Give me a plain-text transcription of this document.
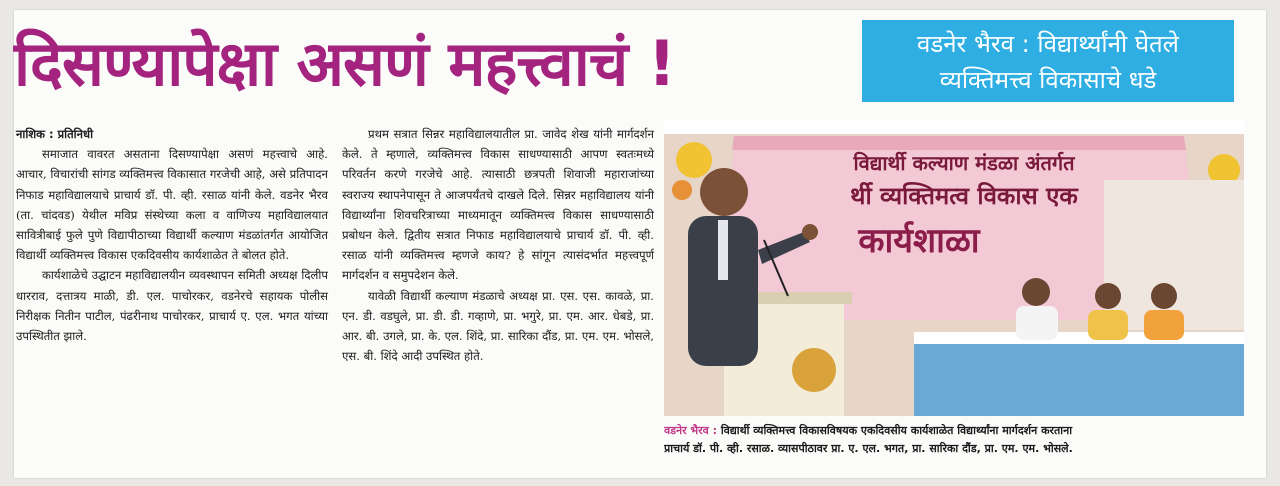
दिसण्यापेक्षा असणं महत्त्वाचं !	वडनेर भैरव : विद्यार्थ्यांनी घेतले
व्यक्तिमत्त्व विकासाचे धडे
नाशिक : प्रतिनिधी

समाजात वावरत असताना दिसण्यापेक्षा असणं महत्त्वाचे आहे. आचार, विचारांची सांगड व्यक्तिमत्त्व विकासात गरजेची आहे, असे प्रतिपादन निफाड महाविद्यालयाचे प्राचार्य डॉ. पी. व्ही. रसाळ यांनी केले. वडनेर भैरव (ता. चांदवड) येथील मविप्र संस्थेच्या कला व वाणिज्य महाविद्यालयात सावित्रीबाई फुले पुणे विद्यापीठाच्या विद्यार्थी कल्याण मंडळांतर्गत आयोजित विद्यार्थी व्यक्तिमत्त्व विकास एकदिवसीय कार्यशाळेत ते बोलत होते.

कार्यशाळेचे उद्घाटन महाविद्यालयीन व्यवस्थापन समिती अध्यक्ष दिलीप धारराव, दत्तात्रय माळी, डी. एल. पाचोरकर, वडनेरचे सहायक पोलीस निरीक्षक नितीन पाटील, पंढरीनाथ पाचोरकर, प्राचार्य ए. एल. भगत यांच्या उपस्थितीत झाले.

प्रथम सत्रात सिन्नर महाविद्यालयातील प्रा. जावेद शेख यांनी मार्गदर्शन केले. ते म्हणाले, व्यक्तिमत्त्व विकास साधण्यासाठी आपण स्वतःमध्ये परिवर्तन करणे गरजेचे आहे. त्यासाठी छत्रपती शिवाजी महाराजांच्या स्वराज्य स्थापनेपासून ते आजपर्यंतचे दाखले दिले. सिन्नर महाविद्यालय यांनी विद्यार्थ्यांना शिवचरित्राच्या माध्यमातून व्यक्तिमत्त्व विकास साधण्यासाठी प्रबोधन केले. द्वितीय सत्रात निफाड महाविद्यालयाचे प्राचार्य डॉ. पी. व्ही. रसाळ यांनी व्यक्तिमत्त्व म्हणजे काय? हे सांगून त्यासंदर्भात महत्त्वपूर्ण मार्गदर्शन व समुपदेशन केले.

यावेळी विद्यार्थी कल्याण मंडळाचे अध्यक्ष प्रा. एस. एस. कावळे, प्रा. एन. डी. वडघुले, प्रा. डी. डी. गव्हाणे, प्रा. भगुरे, प्रा. एम. आर. धेबडे, प्रा. आर. बी. उगले, प्रा. के. एल. शिंदे, प्रा. सारिका दौंड, प्रा. एम. एम. भोसले, एस. बी. शिंदे आदी उपस्थित होते.

विद्यार्थी कल्याण मंडळा अंतर्गत
र्थी व्यक्तिमत्व विकास एक
कार्यशाळा
वडनेर भैरव : विद्यार्थी व्यक्तिमत्त्व विकासविषयक एकदिवसीय कार्यशाळेत विद्यार्थ्यांना मार्गदर्शन करताना
प्राचार्य डॉ. पी. व्ही. रसाळ. व्यासपीठावर प्रा. ए. एल. भगत, प्रा. सारिका दौंड, प्रा. एम. एम. भोसले.
